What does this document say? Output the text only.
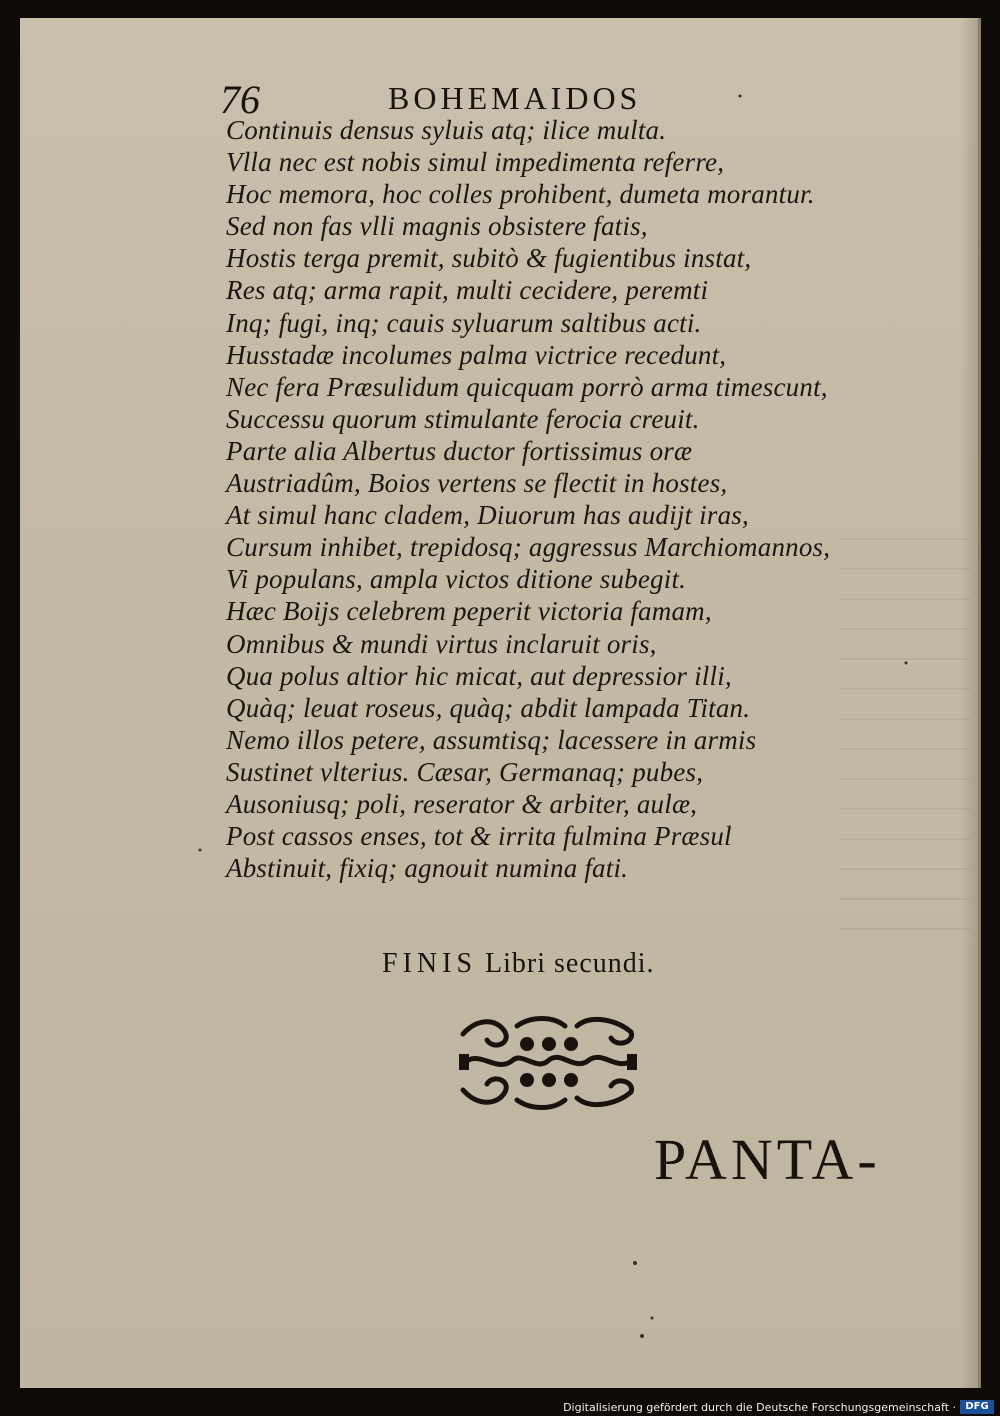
76	BOHEMAIDOS
Continuis densus syluis atq; ilice multa.
Vlla nec est nobis simul impedimenta referre,
Hoc memora, hoc colles prohibent, dumeta morantur.
Sed non fas vlli magnis obsistere fatis,
Hostis terga premit, subitò & fugientibus instat,
Res atq; arma rapit, multi cecidere, peremti
Inq; fugi, inq; cauis syluarum saltibus acti.
Husstadæ incolumes palma victrice recedunt,
Nec fera Præsulidum quicquam porrò arma timescunt,
Successu quorum stimulante ferocia creuit.
Parte alia Albertus ductor fortissimus oræ
Austriadûm, Boios vertens se flectit in hostes,
At simul hanc cladem, Diuorum has audijt iras,
Cursum inhibet, trepidosq; aggressus Marchiomannos,
Vi populans, ampla victos ditione subegit.
Hæc Boijs celebrem peperit victoria famam,
Omnibus & mundi virtus inclaruit oris,
Qua polus altior hic micat, aut depressior illi,
Quàq; leuat roseus, quàq; abdit lampada Titan.
Nemo illos petere, assumtisq; lacessere in armis
Sustinet vlterius. Cæsar, Germanaq; pubes,
Ausoniusq; poli, reserator & arbiter, aulæ,
Post cassos enses, tot & irrita fulmina Præsul
Abstinuit, fixiq; agnouit numina fati.
FINIS Libri secundi.
PANTA-
Digitalisierung gefördert durch die Deutsche Forschungsgemeinschaft · DFG
